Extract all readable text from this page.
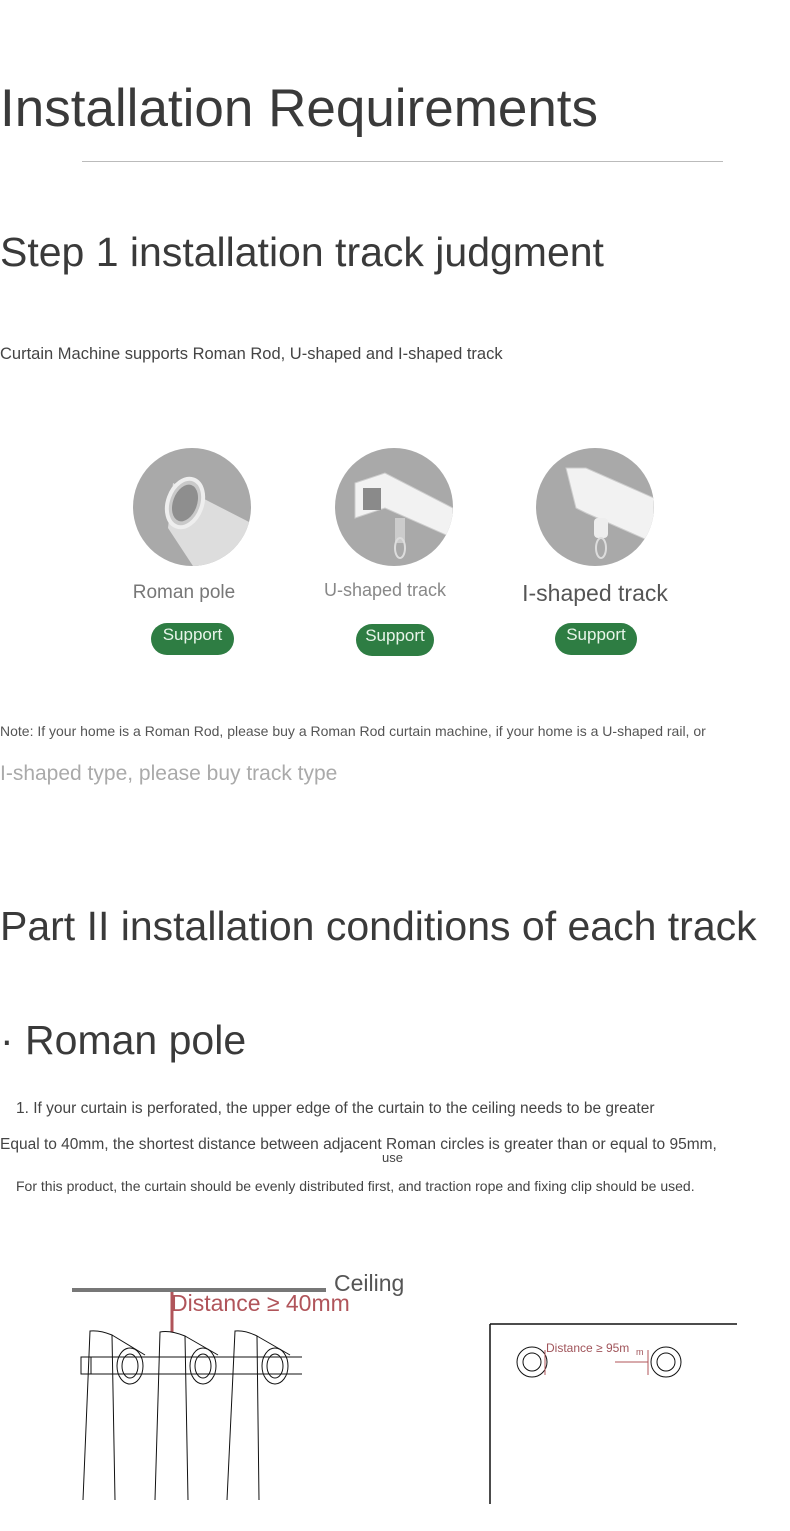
Installation Requirements
Step 1 installation track judgment
Curtain Machine supports Roman Rod, U-shaped and I-shaped track
Roman pole
Support
U-shaped track
Support
I-shaped track
Support
Note: If your home is a Roman Rod, please buy a Roman Rod curtain machine, if your home is a U-shaped rail, or
I-shaped type, please buy track type
Part II installation conditions of each track
· Roman pole
1. If your curtain is perforated, the upper edge of the curtain to the ceiling needs to be greater
Equal to 40mm, the shortest distance between adjacent Roman circles is greater than or equal to 95mm,
use
For this product, the curtain should be evenly distributed first, and traction rope and fixing clip should be used.
Ceiling
Distance ≥ 40mm
Distance ≥ 95m m
